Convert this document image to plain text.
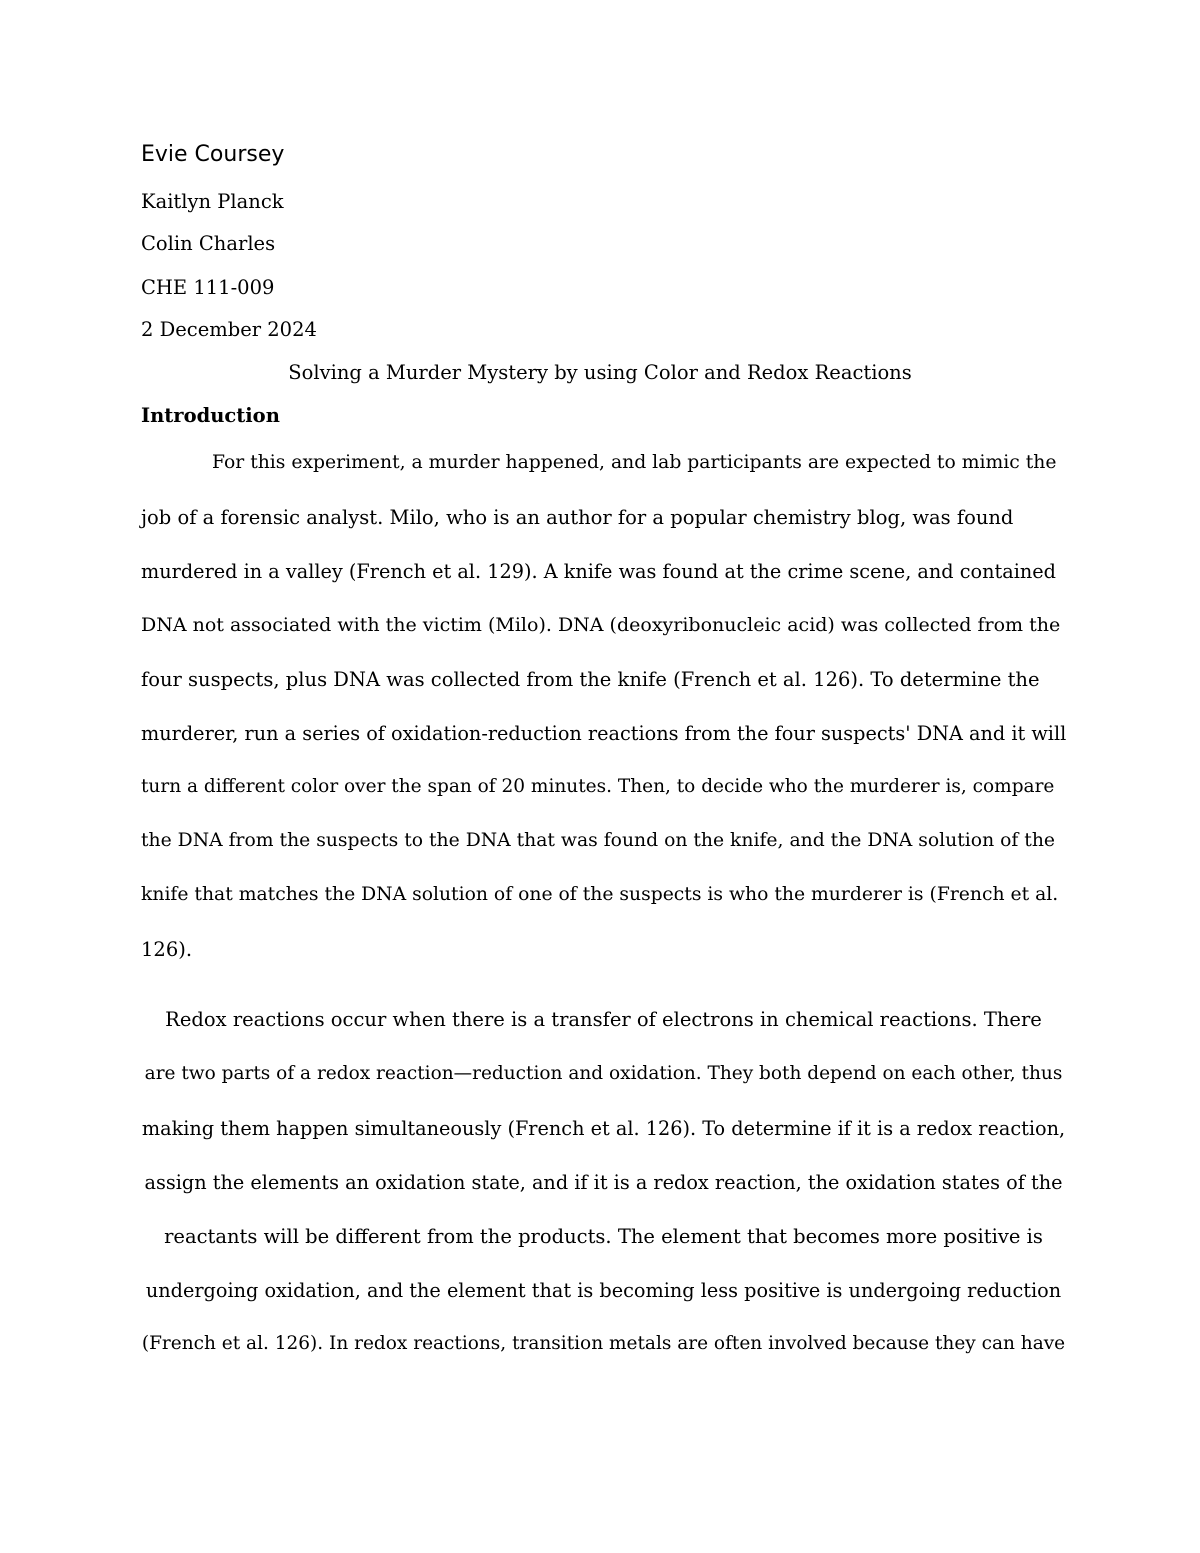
Evie Coursey
Kaitlyn Planck
Colin Charles
CHE 111-009
2 December 2024
Solving a Murder Mystery by using Color and Redox Reactions
Introduction
For this experiment, a murder happened, and lab participants are expected to mimic the
job of a forensic analyst. Milo, who is an author for a popular chemistry blog, was found
murdered in a valley (French et al. 129). A knife was found at the crime scene, and contained
DNA not associated with the victim (Milo). DNA (deoxyribonucleic acid) was collected from the
four suspects, plus DNA was collected from the knife (French et al. 126). To determine the
murderer, run a series of oxidation-reduction reactions from the four suspects' DNA and it will
turn a different color over the span of 20 minutes. Then, to decide who the murderer is, compare
the DNA from the suspects to the DNA that was found on the knife, and the DNA solution of the
knife that matches the DNA solution of one of the suspects is who the murderer is (French et al.
126).
Redox reactions occur when there is a transfer of electrons in chemical reactions. There
are two parts of a redox reaction—reduction and oxidation. They both depend on each other, thus
making them happen simultaneously (French et al. 126). To determine if it is a redox reaction,
assign the elements an oxidation state, and if it is a redox reaction, the oxidation states of the
reactants will be different from the products. The element that becomes more positive is
undergoing oxidation, and the element that is becoming less positive is undergoing reduction
(French et al. 126). In redox reactions, transition metals are often involved because they can have
